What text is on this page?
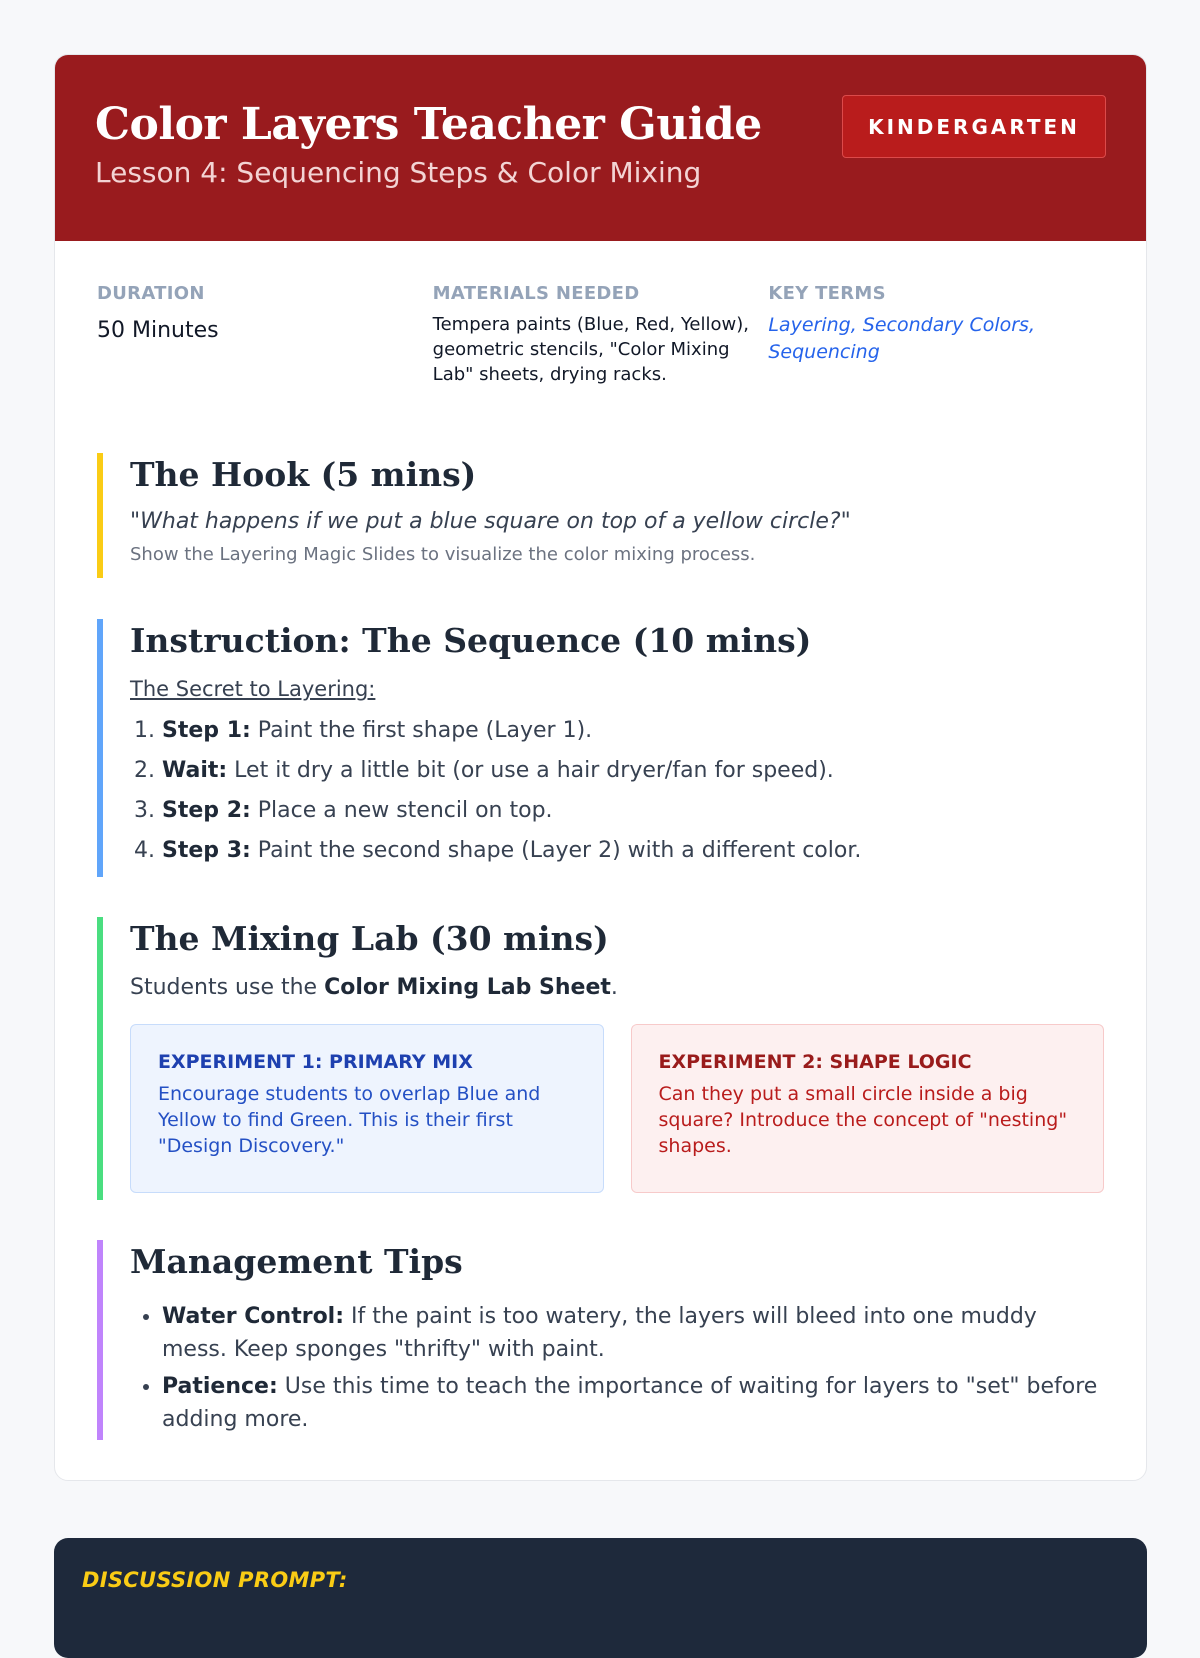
Color Layers Teacher Guide
Lesson 4: Sequencing Steps & Color Mixing
KINDERGARTEN
DURATION
50 Minutes
MATERIALS NEEDED
Tempera paints (Blue, Red, Yellow), geometric stencils, "Color Mixing Lab" sheets, drying racks.
KEY TERMS
Layering, Secondary Colors, Sequencing
The Hook (5 mins)
"What happens if we put a blue square on top of a yellow circle?"
Show the Layering Magic Slides to visualize the color mixing process.
Instruction: The Sequence (10 mins)
The Secret to Layering:
1. Step 1: Paint the first shape (Layer 1).
2. Wait: Let it dry a little bit (or use a hair dryer/fan for speed).
3. Step 2: Place a new stencil on top.
4. Step 3: Paint the second shape (Layer 2) with a different color.
The Mixing Lab (30 mins)
Students use the Color Mixing Lab Sheet.
EXPERIMENT 1: PRIMARY MIX
Encourage students to overlap Blue and Yellow to find Green. This is their first "Design Discovery."
EXPERIMENT 2: SHAPE LOGIC
Can they put a small circle inside a big square? Introduce the concept of "nesting" shapes.
Management Tips
• Water Control: If the paint is too watery, the layers will bleed into one muddy mess. Keep sponges "thrifty" with paint.
• Patience: Use this time to teach the importance of waiting for layers to "set" before adding more.
DISCUSSION PROMPT:
